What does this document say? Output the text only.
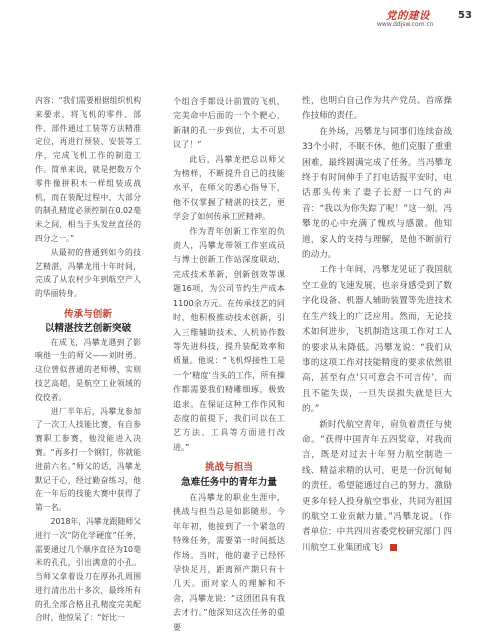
党的建设
www.ddjsw.com.cn
53

内容：“我们需要根据组织机构来要求，将飞机的零件、部件、部件通过工装等方法精准定位，再进行预装、安装等工序，完成飞机工作的制造工作。简单来说，就是把数万个零件像拼积木一样组装成战机，而在装配过程中，大部分的制孔精度必须控制在0.02毫米之间，相当于头发丝直径的四分之一。”

从最初的普通到如今的技艺精湛，冯攀龙用十年时间，完成了从农村少年到航空产人的华丽转身。

传承与创新
以精湛技艺创新突破

在成飞，冯攀龙遇到了影响他一生的师父——刘时勇。这位曾似普通的老师傅，实则技艺高超，是航空工业领域的佼佼者。

进厂半年后，冯攀龙参加了一次工人技能比赛，有自参赛职工参赛，他没能进入决赛。“再多打一个钢钉，你就能进前六名。”师父的话，冯攀龙默记于心，经过勤奋练习，他在一年后的技能大赛中获得了第一名。

2018年，冯攀龙跟随师父进行一次“防化学硬度”任务，需要通过几个顺序直径为10毫米的孔孔，引出满意的小孔。当师父拿着设刀在厚孙孔周围进行清出出十多次，最终所有的孔全部合格且孔精度完美配合时，他惊呆了：“好比一

个组合手都设计前置的飞机，完美命中后面的一个个靶心，新制的孔一步到位，太不可思议了！”

此后，冯攀龙把总以师父为榜样，不断提升自己的技能水平，在师父的悉心指导下，他不仅掌握了精湛的技艺，更学会了如何传承工匠精神。

作为青年创新工作室的负责人，冯攀龙带领工作室成员与博士创新工作站深度联动，完成技术革新，创新创效等课题16项，为公司节约生产成本1100余万元。在传承技艺的同时，他积极推动技术创新，引入三维辅助技术、人机协作数等先进科技，提升装配效率和质量。他说：“飞机焊接性工是一个‘精度’当头的工作，所有操作都需要我们精雕细琢，极致追求。在保证这种工作作风和态度的前提下，我们可以在工艺方法、工具等方面进行改进。”

挑战与担当
急难任务中的青年力量

在冯攀龙的职业生涯中，挑战与担当总是如影随形。今年年初，他接到了一个紧急的特殊任务，需要第一时间抵达作场。当时，他的妻子已经怀孕快足月，距离预产期只有十几天。面对家人的理解和不舍，冯攀龙说：“这团团具有我去才行。”他深知这次任务的重要

性，也明白自己作为共产党员、首席操作技师的责任。

在外场，冯攀龙与同事们连续奋战33个小时，不眠不休，他们克服了重重困难，最终圆满完成了任务。当冯攀龙终于有时间伸手了打电话报平安时，电话那头传来了妻子长舒一口气的声音：“我以为你失踪了呢！”这一刻，冯攀龙的心中充满了愧疚与感激。他知道，家人的支持与理解，是他不断前行的动力。

工作十年间，冯攀龙见证了我国航空工业的飞速发展，也亲身感受到了数字化设备、机器人辅助装置等先进技术在生产线上的广泛应用。然而，无论技术如何进步，飞机制造这项工作对工人的要求从未降低。冯攀龙说：“我们从事的这项工作对技能精度的要求依然很高，甚至有点‘只可意会不可言传’，而且不能失误，一旦失误损失就是巨大的。”

新时代航空青年，肩负着责任与使命。“获得中国青年五四奖章，对我而言，既是对过去十年努力航空制造一线、精益求精的认可，更是一份沉甸甸的责任。希望能通过自己的努力，激励更多年轻人投身航空事业，共同为祖国的航空工业贡献力量。”冯攀龙说。（作者单位：中共四川省委党校研究部门 四川航空工业集团成飞）
